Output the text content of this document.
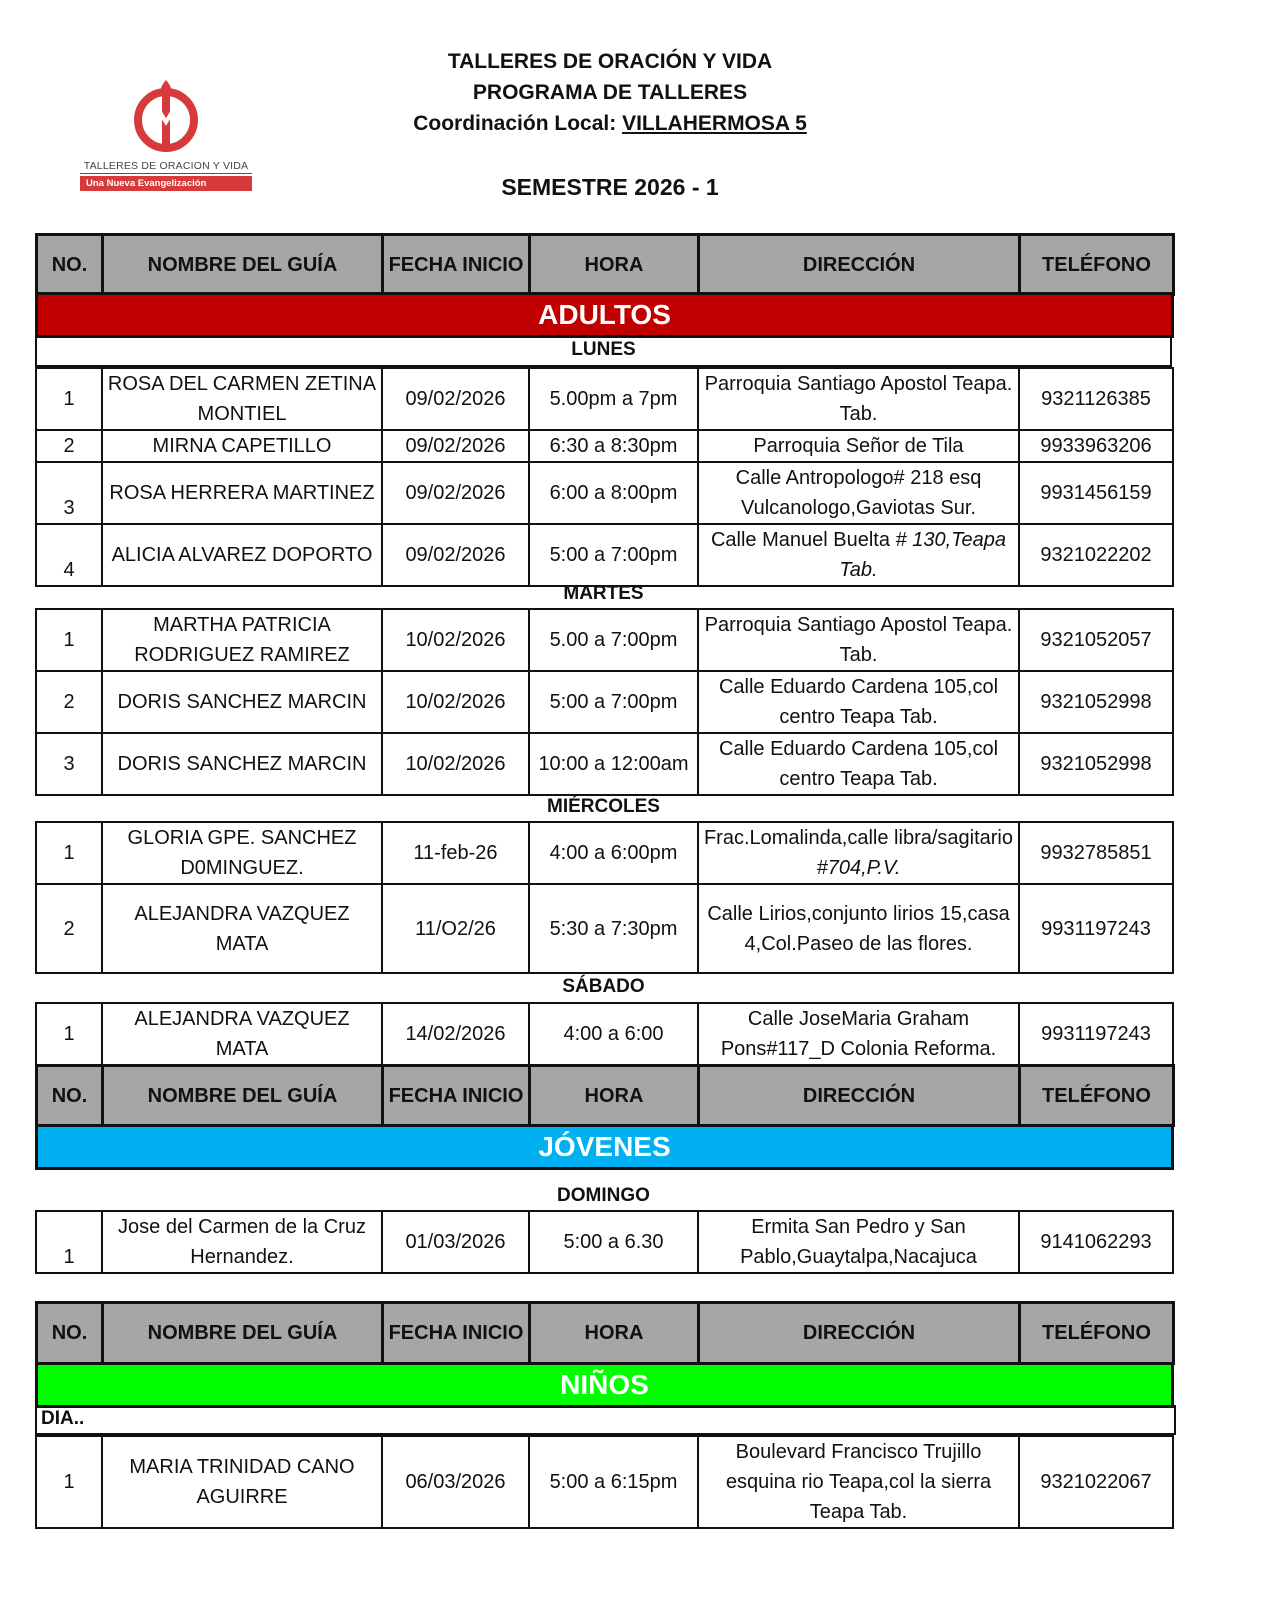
TALLERES DE ORACION Y VIDA
Una Nueva Evangelización
TALLERES DE ORACIÓN Y VIDA
PROGRAMA DE TALLERES
Coordinación Local: VILLAHERMOSA 5
SEMESTRE 2026 - 1
NO.	NOMBRE DEL GUÍA	FECHA INICIO	HORA	DIRECCIÓN	TELÉFONO
ADULTOS
LUNES
1	ROSA DEL CARMEN ZETINA MONTIEL	09/02/2026	5.00pm a 7pm	Parroquia Santiago Apostol Teapa. Tab.	9321126385
2	MIRNA CAPETILLO	09/02/2026	6:30 a 8:30pm	Parroquia Señor de Tila	9933963206
3	ROSA HERRERA MARTINEZ	09/02/2026	6:00 a 8:00pm	Calle Antropologo# 218 esq Vulcanologo,Gaviotas Sur.	9931456159
4	ALICIA ALVAREZ DOPORTO	09/02/2026	5:00 a 7:00pm	Calle Manuel Buelta # 130,Teapa Tab.	9321022202
MARTES
1	MARTHA PATRICIA RODRIGUEZ RAMIREZ	10/02/2026	5.00 a 7:00pm	Parroquia Santiago Apostol Teapa. Tab.	9321052057
2	DORIS SANCHEZ MARCIN	10/02/2026	5:00 a 7:00pm	Calle Eduardo Cardena 105,col centro Teapa Tab.	9321052998
3	DORIS SANCHEZ MARCIN	10/02/2026	10:00 a 12:00am	Calle Eduardo Cardena 105,col centro Teapa Tab.	9321052998
MIÉRCOLES
1	GLORIA GPE. SANCHEZ D0MINGUEZ.	11-feb-26	4:00 a 6:00pm	Frac.Lomalinda,calle libra/sagitario #704,P.V.	9932785851
2	ALEJANDRA VAZQUEZ MATA	11/O2/26	5:30 a 7:30pm	Calle Lirios,conjunto lirios 15,casa 4,Col.Paseo de las flores.	9931197243
SÁBADO
1	ALEJANDRA VAZQUEZ MATA	14/02/2026	4:00 a 6:00	Calle JoseMaria Graham Pons#117_D Colonia Reforma.	9931197243
NO.	NOMBRE DEL GUÍA	FECHA INICIO	HORA	DIRECCIÓN	TELÉFONO
JÓVENES
DOMINGO
1	Jose del Carmen de la Cruz Hernandez.	01/03/2026	5:00 a 6.30	Ermita San Pedro y San Pablo,Guaytalpa,Nacajuca	9141062293
NO.	NOMBRE DEL GUÍA	FECHA INICIO	HORA	DIRECCIÓN	TELÉFONO
NIÑOS
DIA..
1	MARIA TRINIDAD CANO AGUIRRE	06/03/2026	5:00 a 6:15pm	Boulevard Francisco Trujillo esquina rio Teapa,col la sierra Teapa Tab.	9321022067
